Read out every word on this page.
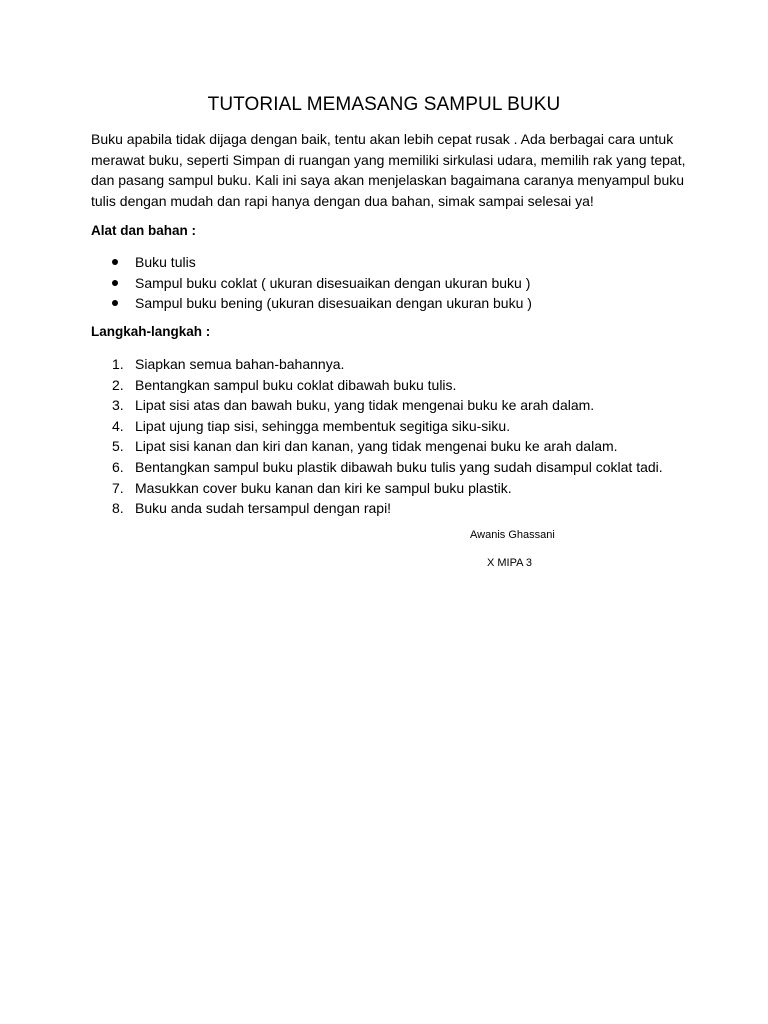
TUTORIAL MEMASANG SAMPUL BUKU

Buku apabila tidak dijaga dengan baik, tentu akan lebih cepat rusak . Ada berbagai cara untuk merawat buku, seperti Simpan di ruangan yang memiliki sirkulasi udara, memilih rak yang tepat, dan pasang sampul buku. Kali ini saya akan menjelaskan bagaimana caranya menyampul buku tulis dengan mudah dan rapi hanya dengan dua bahan, simak sampai selesai ya!

Alat dan bahan :

Buku tulis
Sampul buku coklat ( ukuran disesuaikan dengan ukuran buku )
Sampul buku bening (ukuran disesuaikan dengan ukuran buku )

Langkah-langkah :

1. Siapkan semua bahan-bahannya.
2. Bentangkan sampul buku coklat dibawah buku tulis.
3. Lipat sisi atas dan bawah buku, yang tidak mengenai buku ke arah dalam.
4. Lipat ujung tiap sisi, sehingga membentuk segitiga siku-siku.
5. Lipat sisi kanan dan kiri dan kanan, yang tidak mengenai buku ke arah dalam.
6. Bentangkan sampul buku plastik dibawah buku tulis yang sudah disampul coklat tadi.
7. Masukkan cover buku kanan dan kiri ke sampul buku plastik.
8. Buku anda sudah tersampul dengan rapi!

Awanis Ghassani

X MIPA 3
